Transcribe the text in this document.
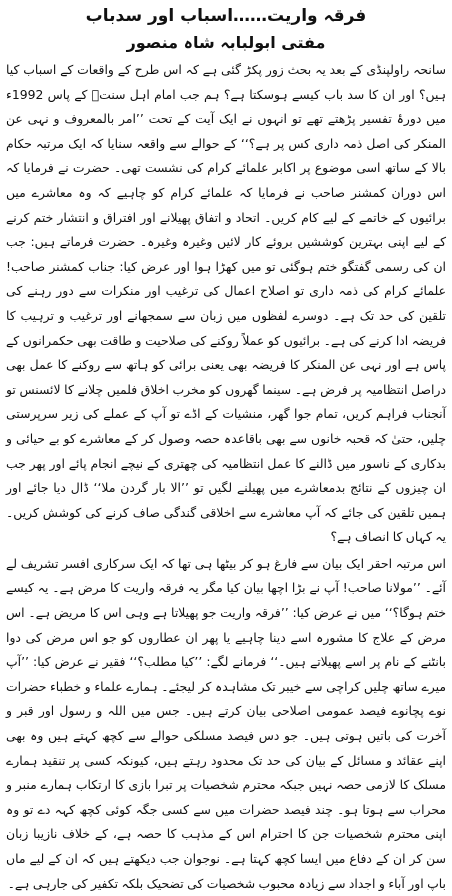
فرقہ واریت……اسباب اور سدباب
مفتی ابولبابہ شاہ منصور

سانحہ راولپنڈی کے بعد یہ بحث زور پکڑ گئی ہے کہ اس طرح کے واقعات کے اسباب کیا ہیں؟ اور ان کا سد باب کیسے ہوسکتا ہے؟ ہم جب امام اہل سنتؒ کے پاس 1992ء میں دورۂ تفسیر پڑھتے تھے تو انہوں نے ایک آیت کے تحت ’’امر بالمعروف و نہی عن المنکر کی اصل ذمہ داری کس پر ہے؟‘‘ کے حوالے سے واقعہ سنایا کہ ایک مرتبہ حکام بالا کے ساتھ اسی موضوع پر اکابر علمائے کرام کی نشست تھی۔ حضرت نے فرمایا کہ اس دوران کمشنر صاحب نے فرمایا کہ علمائے کرام کو چاہیے کہ وہ معاشرے میں برائیوں کے خاتمے کے لیے کام کریں۔ اتحاد و اتفاق پھیلانے اور افتراق و انتشار ختم کرنے کے لیے اپنی بہترین کوششیں بروئے کار لائیں وغیرہ وغیرہ۔ حضرت فرماتے ہیں: جب ان کی رسمی گفتگو ختم ہوگئی تو میں کھڑا ہوا اور عرض کیا: جناب کمشنر صاحب! علمائے کرام کی ذمہ داری تو اصلاح اعمال کی ترغیب اور منکرات سے دور رہنے کی تلقین کی حد تک ہے۔ دوسرے لفظوں میں زبان سے سمجھانے اور ترغیب و ترہیب کا فریضہ ادا کرنے کی ہے۔ برائیوں کو عملاً روکنے کی صلاحیت و طاقت بھی حکمرانوں کے پاس ہے اور نہی عن المنکر کا فریضہ بھی یعنی برائی کو ہاتھ سے روکنے کا عمل بھی دراصل انتظامیہ پر فرض ہے۔ سینما گھروں کو مخرب اخلاق فلمیں چلانے کا لائسنس تو آنجناب فراہم کریں، تمام جوا گھر، منشیات کے اڈے تو آپ کے عملے کی زیر سرپرستی چلیں، حتیٰ کہ قحبہ خانوں سے بھی باقاعدہ حصہ وصول کر کے معاشرے کو بے حیائی و بدکاری کے ناسور میں ڈالنے کا عمل انتظامیہ کی چھتری کے نیچے انجام پائے اور پھر جب ان چیزوں کے نتائج بدمعاشرے میں پھیلنے لگیں تو ’’الا بار گردن ملا‘‘ ڈال دیا جائے اور ہمیں تلقین کی جائے کہ آپ معاشرے سے اخلاقی گندگی صاف کرنے کی کوشش کریں۔ یہ کہاں کا انصاف ہے؟

اس مرتبہ احقر ایک بیان سے فارغ ہو کر بیٹھا ہی تھا کہ ایک سرکاری افسر تشریف لے آئے۔ ’’مولانا صاحب! آپ نے بڑا اچھا بیان کیا مگر یہ فرقہ واریت کا مرض ہے۔ یہ کیسے ختم ہوگا؟‘‘ میں نے عرض کیا: ’’فرقہ واریت جو پھیلاتا ہے وہی اس کا مریض ہے۔ اس مرض کے علاج کا مشورہ اسے دینا چاہیے یا پھر ان عطاروں کو جو اس مرض کی دوا بانٹنے کے نام پر اسے پھیلاتے ہیں۔‘‘ فرمانے لگے: ’’کیا مطلب؟‘‘ فقیر نے عرض کیا: ’’آپ میرے ساتھ چلیں کراچی سے خیبر تک مشاہدہ کر لیجئے۔ ہمارے علماء و خطباء حضرات نوے پچانوے فیصد عمومی اصلاحی بیان کرتے ہیں۔ جس میں اللہ و رسول اور قبر و آخرت کی باتیں ہوتی ہیں۔ جو دس فیصد مسلکی حوالے سے کچھ کہتے ہیں وہ بھی اپنے عقائد و مسائل کے بیان کی حد تک محدود رہتے ہیں، کیونکہ کسی پر تنقید ہمارے مسلک کا لازمی حصہ نہیں جبکہ محترم شخصیات پر تبرا بازی کا ارتکاب ہمارے منبر و محراب سے ہوتا ہو۔ چند فیصد حضرات میں سے کسی جگہ کوئی کچھ کہہ دے تو وہ اپنی محترم شخصیات جن کا احترام اس کے مذہب کا حصہ ہے، کے خلاف نازیبا زبان سن کر ان کے دفاع میں ایسا کچھ کہتا ہے۔ نوجوان جب دیکھتے ہیں کہ ان کے لیے ماں باپ اور آباء و اجداد سے زیادہ محبوب شخصیات کی تضحیک بلکہ تکفیر کی جارہی ہے۔
